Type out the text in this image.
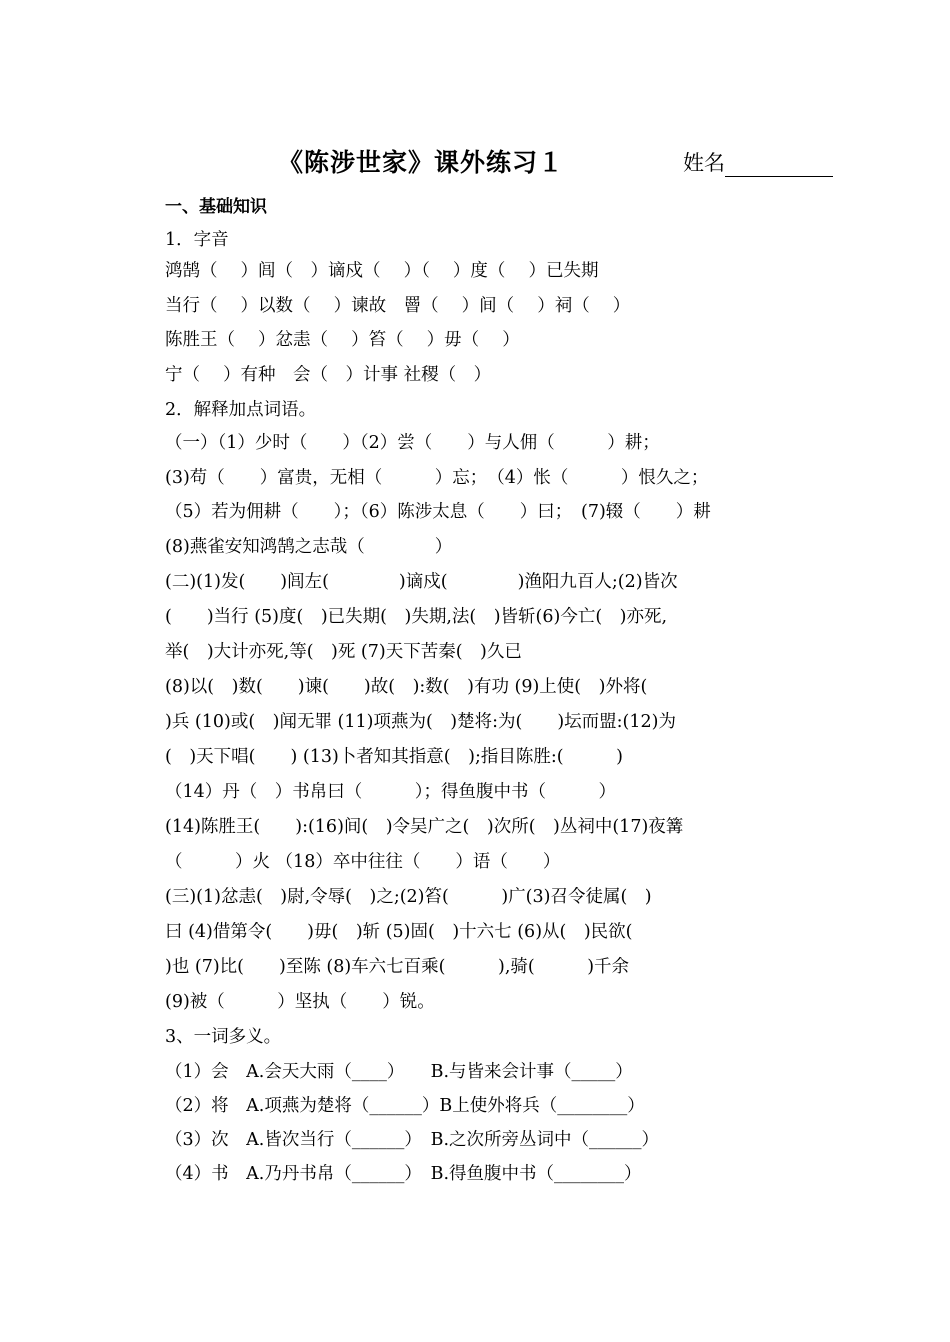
《陈涉世家》课外练习１	姓名
一、基础知识
1．字音
鸿鹄（　 ）闾（　）谪戍（　 ）（　 ）度（　 ）已失期
当行（　 ）以数（　 ）谏故　罾（　 ）间（　 ）祠（　 ）
陈胜王（　 ）忿恚（　 ）笞（　 ）毋（　 ）
宁（　 ）有种　会（　）计事 社稷（　）
2．解释加点词语。
（一）（1）少时（　　）（2）尝（　　）与人佣（　　　）耕；
(3)苟（　　）富贵，无相（　　　）忘；　（4）怅（　　　）恨久之；
（5）若为佣耕（　　）；（6）陈涉太息（　　）曰；　(7)辍（　　）耕
(8)燕雀安知鸿鹄之志哉（　　　　）
(二)(1)发(　　)闾左(　　　　)谪戍(　　　　)渔阳九百人;(2)皆次
(　　)当行 (5)度(　)已失期(　)失期,法(　)皆斩(6)今亡(　)亦死,
举(　)大计亦死,等(　)死 (7)天下苦秦(　)久已
(8)以(　)数(　　)谏(　　)故(　):数(　)有功 (9)上使(　)外将(
)兵 (10)或(　)闻无罪 (11)项燕为(　)楚将:为(　　)坛而盟:(12)为
(　)天下唱(　　) (13)卜者知其指意(　);指目陈胜:(　　　)
（14）丹（　）书帛曰（　　　）；得鱼腹中书（　　　）
(14)陈胜王(　　):(16)间(　)令吴广之(　)次所(　)丛祠中(17)夜篝
（　　　）火 （18）卒中往往（　　）语（　　）
(三)(1)忿恚(　)尉,令辱(　)之;(2)笞(　　　)广(3)召令徒属(　)
曰 (4)借第令(　　)毋(　)斩 (5)固(　)十六七 (6)从(　)民欲(
)也 (7)比(　　)至陈 (8)车六七百乘(　　　),骑(　　　)千余
(9)被（　　　）坚执（　　）锐。
3、一词多义。
（1）会　A.会天大雨（____）　　B.与皆来会计事（_____）
（2）将　A.项燕为楚将（______）B上使外将兵（________）
（3）次　A.皆次当行（______）　B.之次所旁丛词中（______）
（4）书　A.乃丹书帛（______）　B.得鱼腹中书（________）
